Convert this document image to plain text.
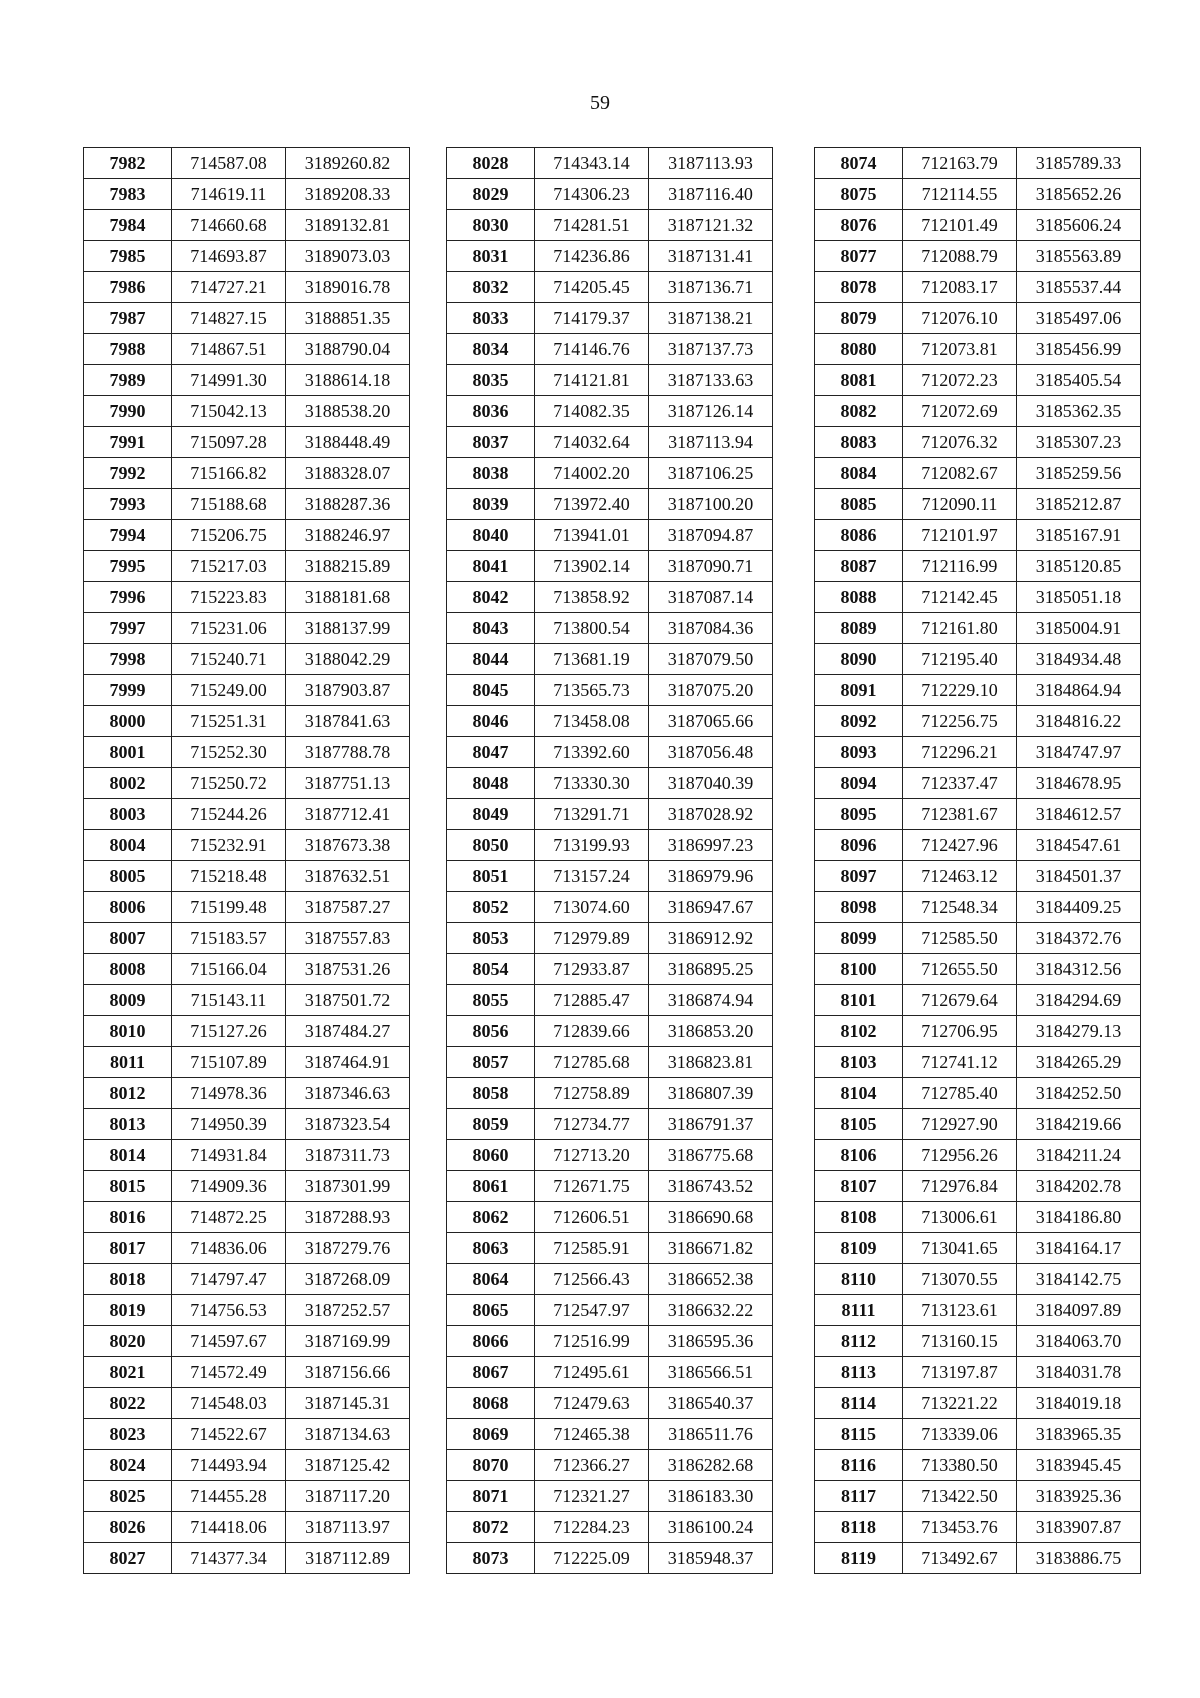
59
7982	714587.08	3189260.82
7983	714619.11	3189208.33
7984	714660.68	3189132.81
7985	714693.87	3189073.03
7986	714727.21	3189016.78
7987	714827.15	3188851.35
7988	714867.51	3188790.04
7989	714991.30	3188614.18
7990	715042.13	3188538.20
7991	715097.28	3188448.49
7992	715166.82	3188328.07
7993	715188.68	3188287.36
7994	715206.75	3188246.97
7995	715217.03	3188215.89
7996	715223.83	3188181.68
7997	715231.06	3188137.99
7998	715240.71	3188042.29
7999	715249.00	3187903.87
8000	715251.31	3187841.63
8001	715252.30	3187788.78
8002	715250.72	3187751.13
8003	715244.26	3187712.41
8004	715232.91	3187673.38
8005	715218.48	3187632.51
8006	715199.48	3187587.27
8007	715183.57	3187557.83
8008	715166.04	3187531.26
8009	715143.11	3187501.72
8010	715127.26	3187484.27
8011	715107.89	3187464.91
8012	714978.36	3187346.63
8013	714950.39	3187323.54
8014	714931.84	3187311.73
8015	714909.36	3187301.99
8016	714872.25	3187288.93
8017	714836.06	3187279.76
8018	714797.47	3187268.09
8019	714756.53	3187252.57
8020	714597.67	3187169.99
8021	714572.49	3187156.66
8022	714548.03	3187145.31
8023	714522.67	3187134.63
8024	714493.94	3187125.42
8025	714455.28	3187117.20
8026	714418.06	3187113.97
8027	714377.34	3187112.89
8028	714343.14	3187113.93
8029	714306.23	3187116.40
8030	714281.51	3187121.32
8031	714236.86	3187131.41
8032	714205.45	3187136.71
8033	714179.37	3187138.21
8034	714146.76	3187137.73
8035	714121.81	3187133.63
8036	714082.35	3187126.14
8037	714032.64	3187113.94
8038	714002.20	3187106.25
8039	713972.40	3187100.20
8040	713941.01	3187094.87
8041	713902.14	3187090.71
8042	713858.92	3187087.14
8043	713800.54	3187084.36
8044	713681.19	3187079.50
8045	713565.73	3187075.20
8046	713458.08	3187065.66
8047	713392.60	3187056.48
8048	713330.30	3187040.39
8049	713291.71	3187028.92
8050	713199.93	3186997.23
8051	713157.24	3186979.96
8052	713074.60	3186947.67
8053	712979.89	3186912.92
8054	712933.87	3186895.25
8055	712885.47	3186874.94
8056	712839.66	3186853.20
8057	712785.68	3186823.81
8058	712758.89	3186807.39
8059	712734.77	3186791.37
8060	712713.20	3186775.68
8061	712671.75	3186743.52
8062	712606.51	3186690.68
8063	712585.91	3186671.82
8064	712566.43	3186652.38
8065	712547.97	3186632.22
8066	712516.99	3186595.36
8067	712495.61	3186566.51
8068	712479.63	3186540.37
8069	712465.38	3186511.76
8070	712366.27	3186282.68
8071	712321.27	3186183.30
8072	712284.23	3186100.24
8073	712225.09	3185948.37
8074	712163.79	3185789.33
8075	712114.55	3185652.26
8076	712101.49	3185606.24
8077	712088.79	3185563.89
8078	712083.17	3185537.44
8079	712076.10	3185497.06
8080	712073.81	3185456.99
8081	712072.23	3185405.54
8082	712072.69	3185362.35
8083	712076.32	3185307.23
8084	712082.67	3185259.56
8085	712090.11	3185212.87
8086	712101.97	3185167.91
8087	712116.99	3185120.85
8088	712142.45	3185051.18
8089	712161.80	3185004.91
8090	712195.40	3184934.48
8091	712229.10	3184864.94
8092	712256.75	3184816.22
8093	712296.21	3184747.97
8094	712337.47	3184678.95
8095	712381.67	3184612.57
8096	712427.96	3184547.61
8097	712463.12	3184501.37
8098	712548.34	3184409.25
8099	712585.50	3184372.76
8100	712655.50	3184312.56
8101	712679.64	3184294.69
8102	712706.95	3184279.13
8103	712741.12	3184265.29
8104	712785.40	3184252.50
8105	712927.90	3184219.66
8106	712956.26	3184211.24
8107	712976.84	3184202.78
8108	713006.61	3184186.80
8109	713041.65	3184164.17
8110	713070.55	3184142.75
8111	713123.61	3184097.89
8112	713160.15	3184063.70
8113	713197.87	3184031.78
8114	713221.22	3184019.18
8115	713339.06	3183965.35
8116	713380.50	3183945.45
8117	713422.50	3183925.36
8118	713453.76	3183907.87
8119	713492.67	3183886.75
